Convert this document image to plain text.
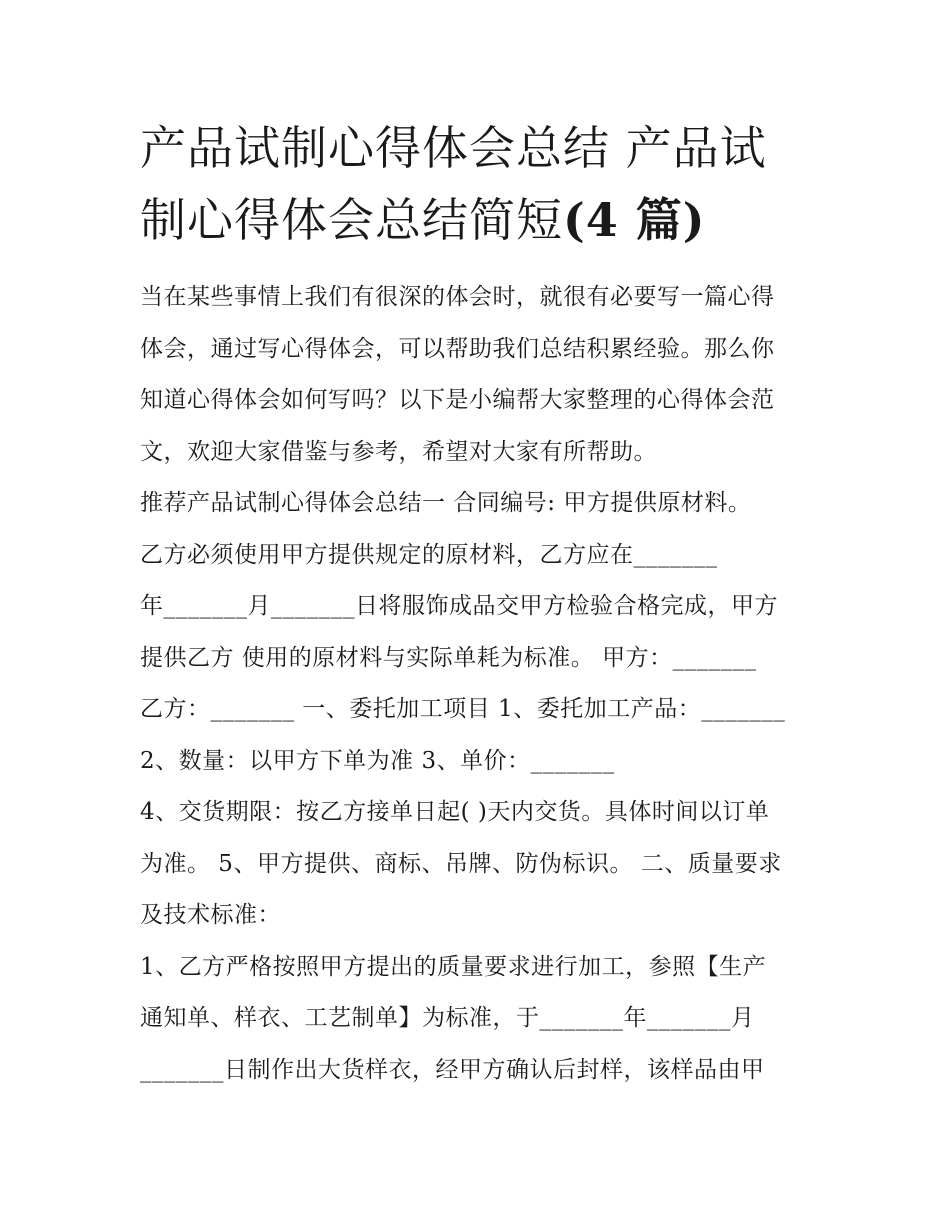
产品试制心得体会总结 产品试
制心得体会总结简短(4 篇)

当在某些事情上我们有很深的体会时，就很有必要写一篇心得

体会，通过写心得体会，可以帮助我们总结积累经验。那么你

知道心得体会如何写吗？以下是小编帮大家整理的心得体会范

文，欢迎大家借鉴与参考，希望对大家有所帮助。

推荐产品试制心得体会总结一 合同编号: 甲方提供原材料。

乙方必须使用甲方提供规定的原材料，乙方应在_______

年_______月_______日将服饰成品交甲方检验合格完成，甲方

提供乙方 使用的原材料与实际单耗为标准。 甲方：_______

乙方：_______ 一、委托加工项目 1、委托加工产品：_______

2、数量：以甲方下单为准 3、单价：_______

4、交货期限：按乙方接单日起( )天内交货。具体时间以订单

为准。 5、甲方提供、商标、吊牌、防伪标识。 二、质量要求

及技术标准：

1、乙方严格按照甲方提出的质量要求进行加工，参照【生产

通知单、样衣、工艺制单】为标准，于_______年_______月

_______日制作出大货样衣，经甲方确认后封样，该样品由甲
